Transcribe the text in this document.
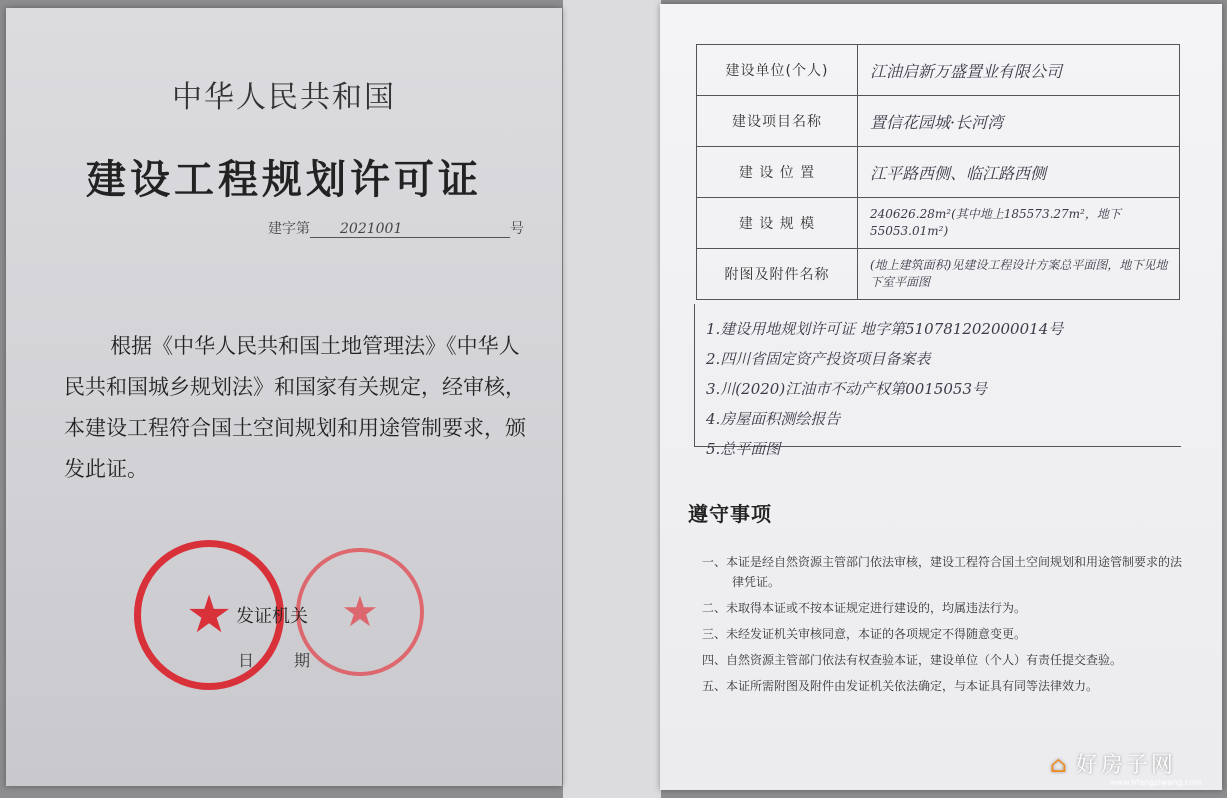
中华人民共和国
建设工程规划许可证
建字第 2021001	号
根据《中华人民共和国土地管理法》《中华人民共和国城乡规划法》和国家有关规定，经审核，本建设工程符合国土空间规划和用途管制要求，颁发此证。
★	★
发证机关
日	期
建设单位(个人)	江油启新万盛置业有限公司
建设项目名称	置信花园城·长河湾
建 设 位 置	江平路西侧、临江路西侧
建 设 规 模	240626.28m²(其中地上185573.27m²，地下55053.01m²)
附图及附件名称	(地上建筑面积)见建设工程设计方案总平面图，地下见地下室平面图
1.建设用地规划许可证 地字第510781202000014号
2.四川省固定资产投资项目备案表
3.川(2020)江油市不动产权第0015053号
4.房屋面积测绘报告
5.总平面图
遵守事项

一、本证是经自然资源主管部门依法审核，建设工程符合国土空间规划和用途管制要求的法律凭证。

二、未取得本证或不按本证规定进行建设的，均属违法行为。

三、未经发证机关审核同意，本证的各项规定不得随意变更。

四、自然资源主管部门依法有权查验本证，建设单位（个人）有责任提交查验。

五、本证所需附图及附件由发证机关依法确定，与本证具有同等法律效力。

⌂ 好房子网
www.hfangziwang.com
